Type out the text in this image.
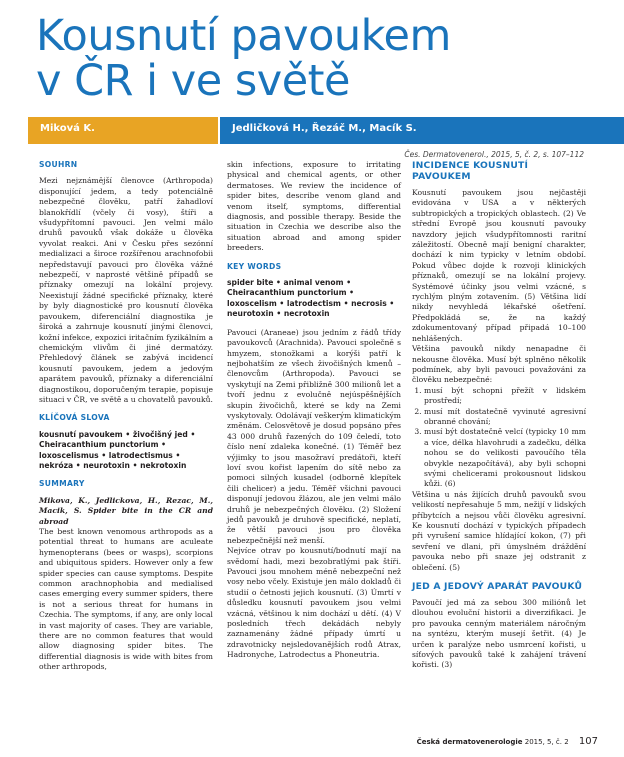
Kousnutí pavoukem
v ČR i ve světě
Miková K.	Jedličková H., Řezáč M., Macík S.
Čes. Dermatovenerol., 2015, 5, č. 2, s. 107–112
SOUHRN

Mezi nejznámější členovce (Arthropoda) disponující jedem, a tedy potenciálně nebezpečné člověku, patří žahadloví blanokřídlí (včely či vosy), štíři a všudypřítomní pavouci. Jen velmi málo druhů pavouků však dokáže u člověka vyvolat reakci. Ani v Česku přes sezónní medializaci a široce rozšířenou arachnofobii nepředstavují pavouci pro člověka vážné nebezpečí, v naprosté většině případů se příznaky omezují na lokální projevy. Neexistují žádné specifické příznaky, které by byly diagnostické pro kousnutí člověka pavoukem, diferenciální diagnostika je široká a zahrnuje kousnutí jinými členovci, kožní infekce, expozici iritačním fyzikálním a chemickým vlivům či jiné dermatózy. Přehledový článek se zabývá incidencí kousnutí pavoukem, jedem a jedovým aparátem pavouků, příznaky a diferenciální diagnostikou, doporučeným terapie, popisuje situaci v ČR, ve světě a u chovatelů pavouků.

KLÍČOVÁ SLOVA
kousnutí pavoukem • živočišný jed • Cheiracanthium punctorium • loxoscelismus • latrodectismus • nekróza • neurotoxin • nekrotoxin
SUMMARY

Mikova, K., Jedlickova, H., Rezac, M., Macik, S. Spider bite in the CR and abroad

The best known venomous arthropods as a potential threat to humans are aculeate hymenopterans (bees or wasps), scorpions and ubiquitous spiders. However only a few spider species can cause symptoms. Despite common arachnophobia and medialised cases emerging every summer spiders, there is not a serious threat for humans in Czechia. The symptoms, if any, are only local in vast majority of cases. They are variable, there are no common features that would allow diagnosing spider bites. The differential diagnosis is wide with bites from other arthropods,

skin infections, exposure to irritating physical and chemical agents, or other dermatoses. We review the incidence of spider bites, describe venom gland and venom itself, symptoms, differential diagnosis, and possible therapy. Beside the situation in Czechia we describe also the situation abroad and among spider breeders.

KEY WORDS
spider bite • animal venom • Cheiracanthium punctorium • loxoscelism • latrodectism • necrosis • neurotoxin • necrotoxin

Pavouci (Araneae) jsou jedním z řádů třídy pavoukovců (Arachnida). Pavouci společně s hmyzem, stonožkami a korýši patří k nejbohatším ze všech živočišných kmenů – členovcům (Arthropoda). Pavouci se vyskytují na Zemi přibližně 300 milionů let a tvoří jednu z evolučně nejúspěšnějších skupin živočichů, které se kdy na Zemi vyskytovaly. Odolávají veškerým klimatickým změnám. Celosvětově je dosud popsáno přes 43 000 druhů řazených do 109 čeledí, toto číslo není zdaleka konečné. (1) Téměř bez výjimky to jsou masožraví predátoři, kteří loví svou kořist lapením do sítě nebo za pomoci silných kusadel (odborně klepítek čili chelicer) a jedu. Téměř všichni pavouci disponují jedovou žlázou, ale jen velmi málo druhů je nebezpečných člověku. (2) Složení jedů pavouků je druhově specifické, neplatí, že větší pavouci jsou pro člověka nebezpečnější než menší.

Nejvíce otrav po kousnutí/bodnutí mají na svědomí hadi, mezi bezobratlými pak štíři. Pavouci jsou mnohem méně nebezpeční než vosy nebo včely. Existuje jen málo dokladů či studií o četnosti jejich kousnutí. (3) Úmrtí v důsledku kousnutí pavoukem jsou velmi vzácná, většinou k nim dochází u dětí. (4) V posledních třech dekádách nebyly zaznamenány žádné případy úmrtí u zdravotnicky nejsledovanějších rodů Atrax, Hadronyche, Latrodectus a Phoneutria.

INCIDENCE KOUSNUTÍ PAVOUKEM

Kousnutí pavoukem jsou nejčastěji evidována v USA a v některých subtropických a tropických oblastech. (2) Ve střední Evropě jsou kousnutí pavouky navzdory jejich všudypřítomnosti raritní záležitostí. Obecně mají benigní charakter, dochází k nim typicky v letním období. Pokud vůbec dojde k rozvoji klinických příznaků, omezují se na lokální projevy. Systémové účinky jsou velmi vzácné, s rychlým plným zotavením. (5) Většina lidí nikdy nevyhledá lékařské ošetření. Předpokládá se, že na každý zdokumentovaný případ připadá 10–100 nehlášených.

Většina pavouků nikdy nenapadne či nekousne člověka. Musí být splněno několik podmínek, aby byli pavouci považováni za člověku nebezpečné:

1. musí být schopni přežít v lidském prostředí;
2. musí mít dostatečně vyvinuté agresivní obranné chování;
3. musí být dostatečně velcí (typicky 10 mm a více, délka hlavohrudi a zadečku, délka nohou se do velikosti pavoučího těla obvykle nezapočítává), aby byli schopni svými chelicerami prokousnout lidskou kůži. (6)

Většina u nás žijících druhů pavouků svou velikostí nepřesahuje 5 mm, nežijí v lidských příbytcích a nejsou vůči člověku agresivní. Ke kousnutí dochází v typických případech při vyrušení samice hlídající kokon, (7) při sevření ve dlani, při úmyslném dráždění pavouka nebo při snaze jej odstranit z oblečení. (5)

JED A JEDOVÝ APARÁT PAVOUKŮ

Pavoučí jed má za sebou 300 miliónů let dlouhou evoluční historii a diverzifikaci. Je pro pavouka cenným materiálem náročným na syntézu, kterým musejí šetřit. (4) Je určen k paralýze nebo usmrcení kořisti, u síťových pavouků také k zahájení trávení kořisti. (3)

Česká dermatovenerologie 2015, 5, č. 2 107
